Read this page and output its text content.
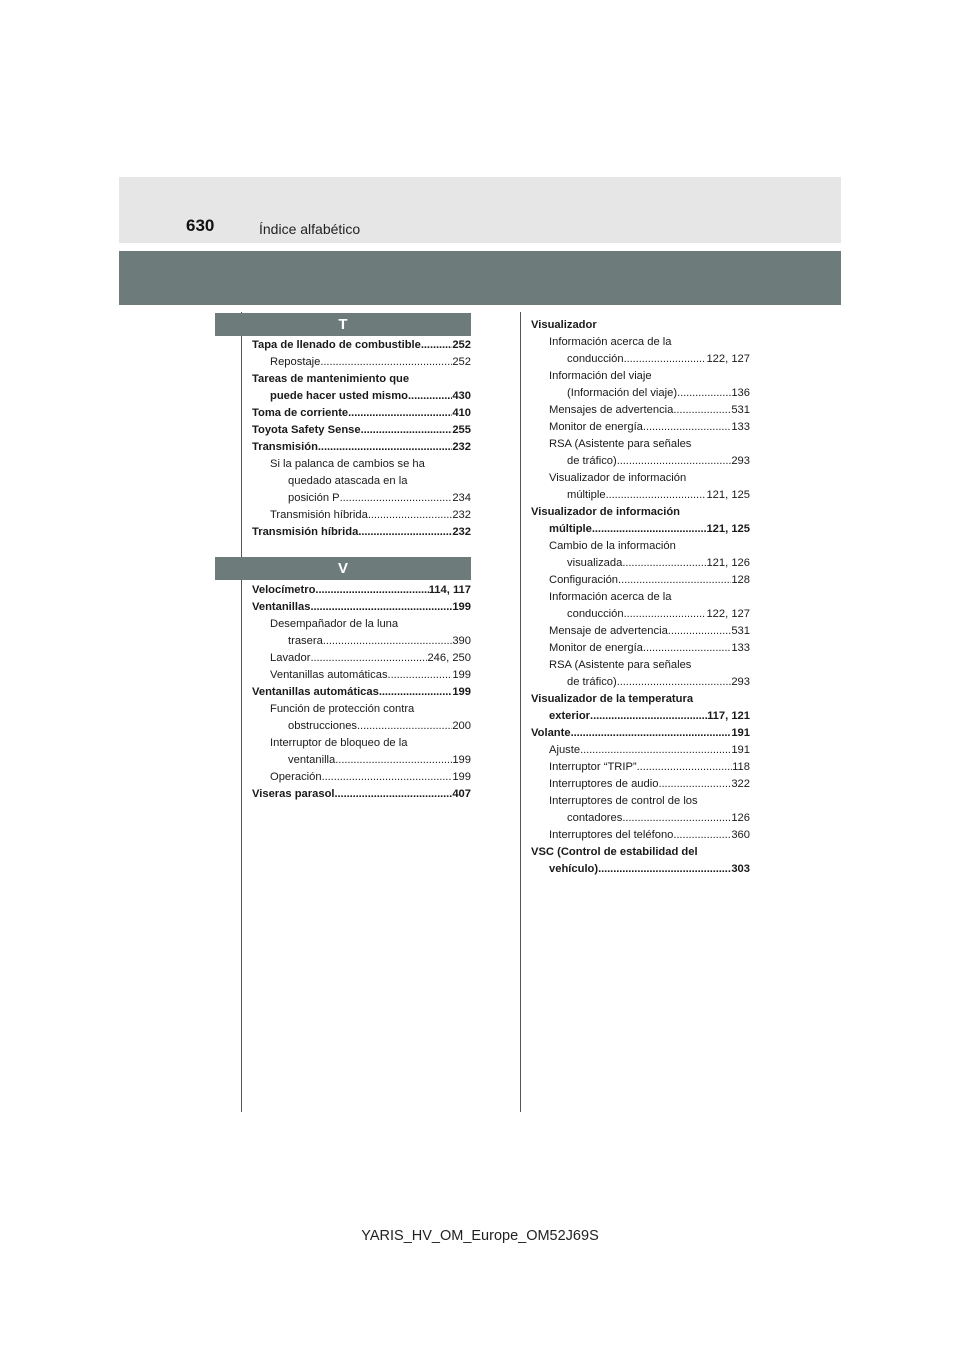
630	Índice alfabético
T
Tapa de llenado de combustible . . .	252
Repostaje . . .	252
Tareas de mantenimiento que
puede hacer usted mismo . . .	430
Toma de corriente . . .	410
Toyota Safety Sense . . .	255
Transmisión . . .	232
Si la palanca de cambios se ha
quedado atascada en la
posición P . . .	234
Transmisión híbrida . . .	232
Transmisión híbrida . . .	232
V
Velocímetro . . .	114, 117
Ventanillas . . .	199
Desempañador de la luna
trasera . . .	390
Lavador . . .	246, 250
Ventanillas automáticas . . .	199
Ventanillas automáticas . . .	199
Función de protección contra
obstrucciones . . .	200
Interruptor de bloqueo de la
ventanilla . . .	199
Operación . . .	199
Viseras parasol . . .	407
Visualizador
Información acerca de la
conducción . . .	122, 127
Información del viaje
(Información del viaje) . . .	136
Mensajes de advertencia . . .	531
Monitor de energía . . .	133
RSA (Asistente para señales
de tráfico) . . .	293
Visualizador de información
múltiple . . .	121, 125
Visualizador de información
múltiple . . .	121, 125
Cambio de la información
visualizada . . .	121, 126
Configuración . . .	128
Información acerca de la
conducción . . .	122, 127
Mensaje de advertencia . . .	531
Monitor de energía . . .	133
RSA (Asistente para señales
de tráfico) . . .	293
Visualizador de la temperatura
exterior . . .	117, 121
Volante . . .	191
Ajuste . . .	191
Interruptor “TRIP” . . .	118
Interruptores de audio . . .	322
Interruptores de control de los
contadores . . .	126
Interruptores del teléfono . . .	360
VSC (Control de estabilidad del
vehículo) . . .	303
YARIS_HV_OM_Europe_OM52J69S
